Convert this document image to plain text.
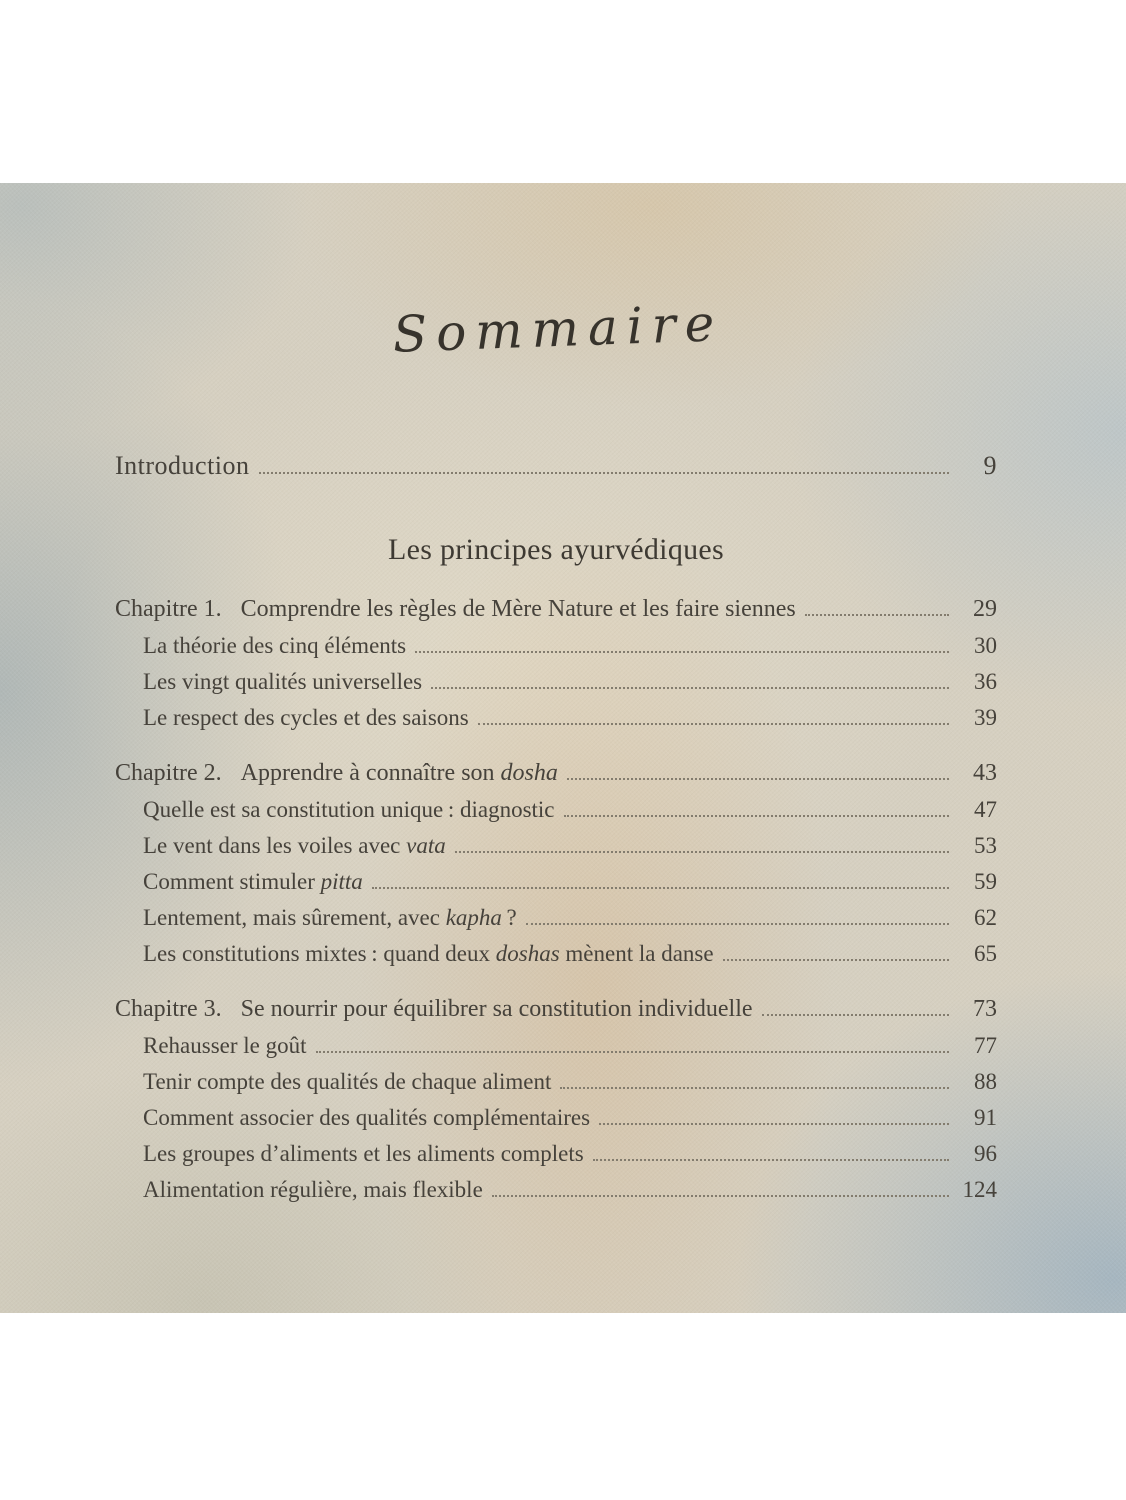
Sommaire
Introduction	9
Les principes ayurvédiques
Chapitre 1. Comprendre les règles de Mère Nature et les faire siennes	29
La théorie des cinq éléments	30
Les vingt qualités universelles	36
Le respect des cycles et des saisons	39
Chapitre 2. Apprendre à connaître son dosha	43
Quelle est sa constitution unique : diagnostic	47
Le vent dans les voiles avec vata	53
Comment stimuler pitta	59
Lentement, mais sûrement, avec kapha ?	62
Les constitutions mixtes : quand deux doshas mènent la danse	65
Chapitre 3. Se nourrir pour équilibrer sa constitution individuelle	73
Rehausser le goût	77
Tenir compte des qualités de chaque aliment	88
Comment associer des qualités complémentaires	91
Les groupes d’aliments et les aliments complets	96
Alimentation régulière, mais flexible	124
